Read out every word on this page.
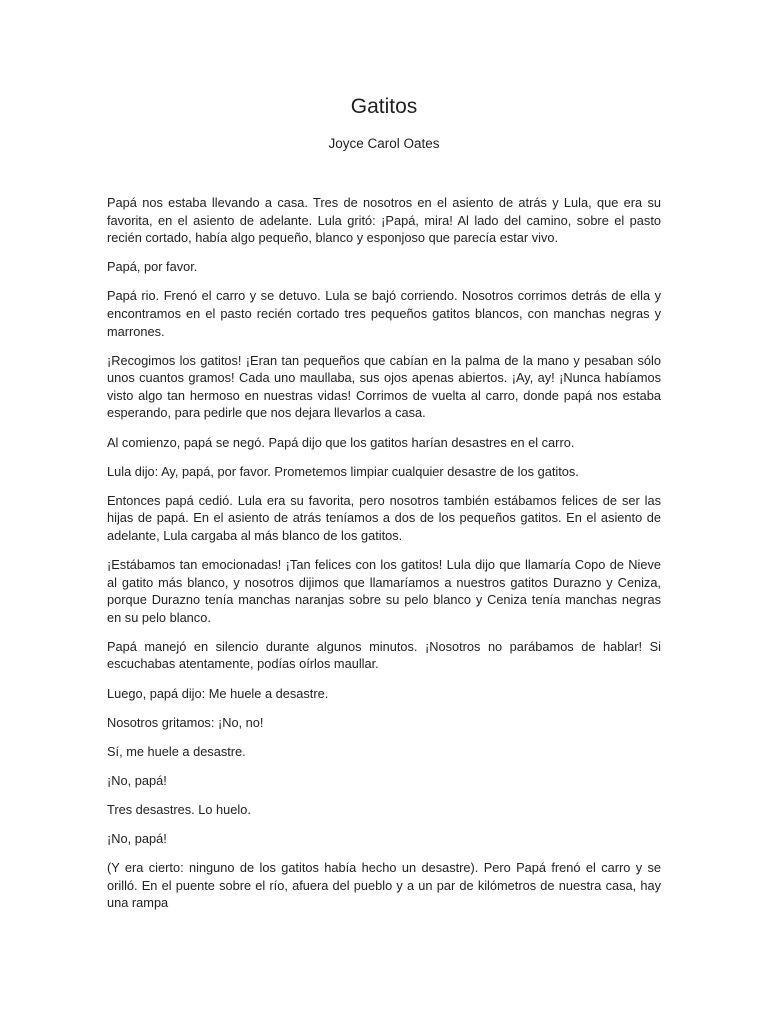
Gatitos
Joyce Carol Oates

Papá nos estaba llevando a casa. Tres de nosotros en el asiento de atrás y Lula, que era su favorita, en el asiento de adelante. Lula gritó: ¡Papá, mira! Al lado del camino, sobre el pasto recién cortado, había algo pequeño, blanco y esponjoso que parecía estar vivo.

Papá, por favor.

Papá rio. Frenó el carro y se detuvo. Lula se bajó corriendo. Nosotros corrimos detrás de ella y encontramos en el pasto recién cortado tres pequeños gatitos blancos, con manchas negras y marrones.

¡Recogimos los gatitos! ¡Eran tan pequeños que cabían en la palma de la mano y pesaban sólo unos cuantos gramos! Cada uno maullaba, sus ojos apenas abiertos. ¡Ay, ay! ¡Nunca habíamos visto algo tan hermoso en nuestras vidas! Corrimos de vuelta al carro, donde papá nos estaba esperando, para pedirle que nos dejara llevarlos a casa.

Al comienzo, papá se negó. Papá dijo que los gatitos harían desastres en el carro.

Lula dijo: Ay, papá, por favor. Prometemos limpiar cualquier desastre de los gatitos.

Entonces papá cedió. Lula era su favorita, pero nosotros también estábamos felices de ser las hijas de papá. En el asiento de atrás teníamos a dos de los pequeños gatitos. En el asiento de adelante, Lula cargaba al más blanco de los gatitos.

¡Estábamos tan emocionadas! ¡Tan felices con los gatitos! Lula dijo que llamaría Copo de Nieve al gatito más blanco, y nosotros dijimos que llamaríamos a nuestros gatitos Durazno y Ceniza, porque Durazno tenía manchas naranjas sobre su pelo blanco y Ceniza tenía manchas negras en su pelo blanco.

Papá manejó en silencio durante algunos minutos. ¡Nosotros no parábamos de hablar! Si escuchabas atentamente, podías oírlos maullar.

Luego, papá dijo: Me huele a desastre.

Nosotros gritamos: ¡No, no!

Sí, me huele a desastre.

¡No, papá!

Tres desastres. Lo huelo.

¡No, papá!

(Y era cierto: ninguno de los gatitos había hecho un desastre). Pero Papá frenó el carro y se orilló. En el puente sobre el río, afuera del pueblo y a un par de kilómetros de nuestra casa, hay una rampa
